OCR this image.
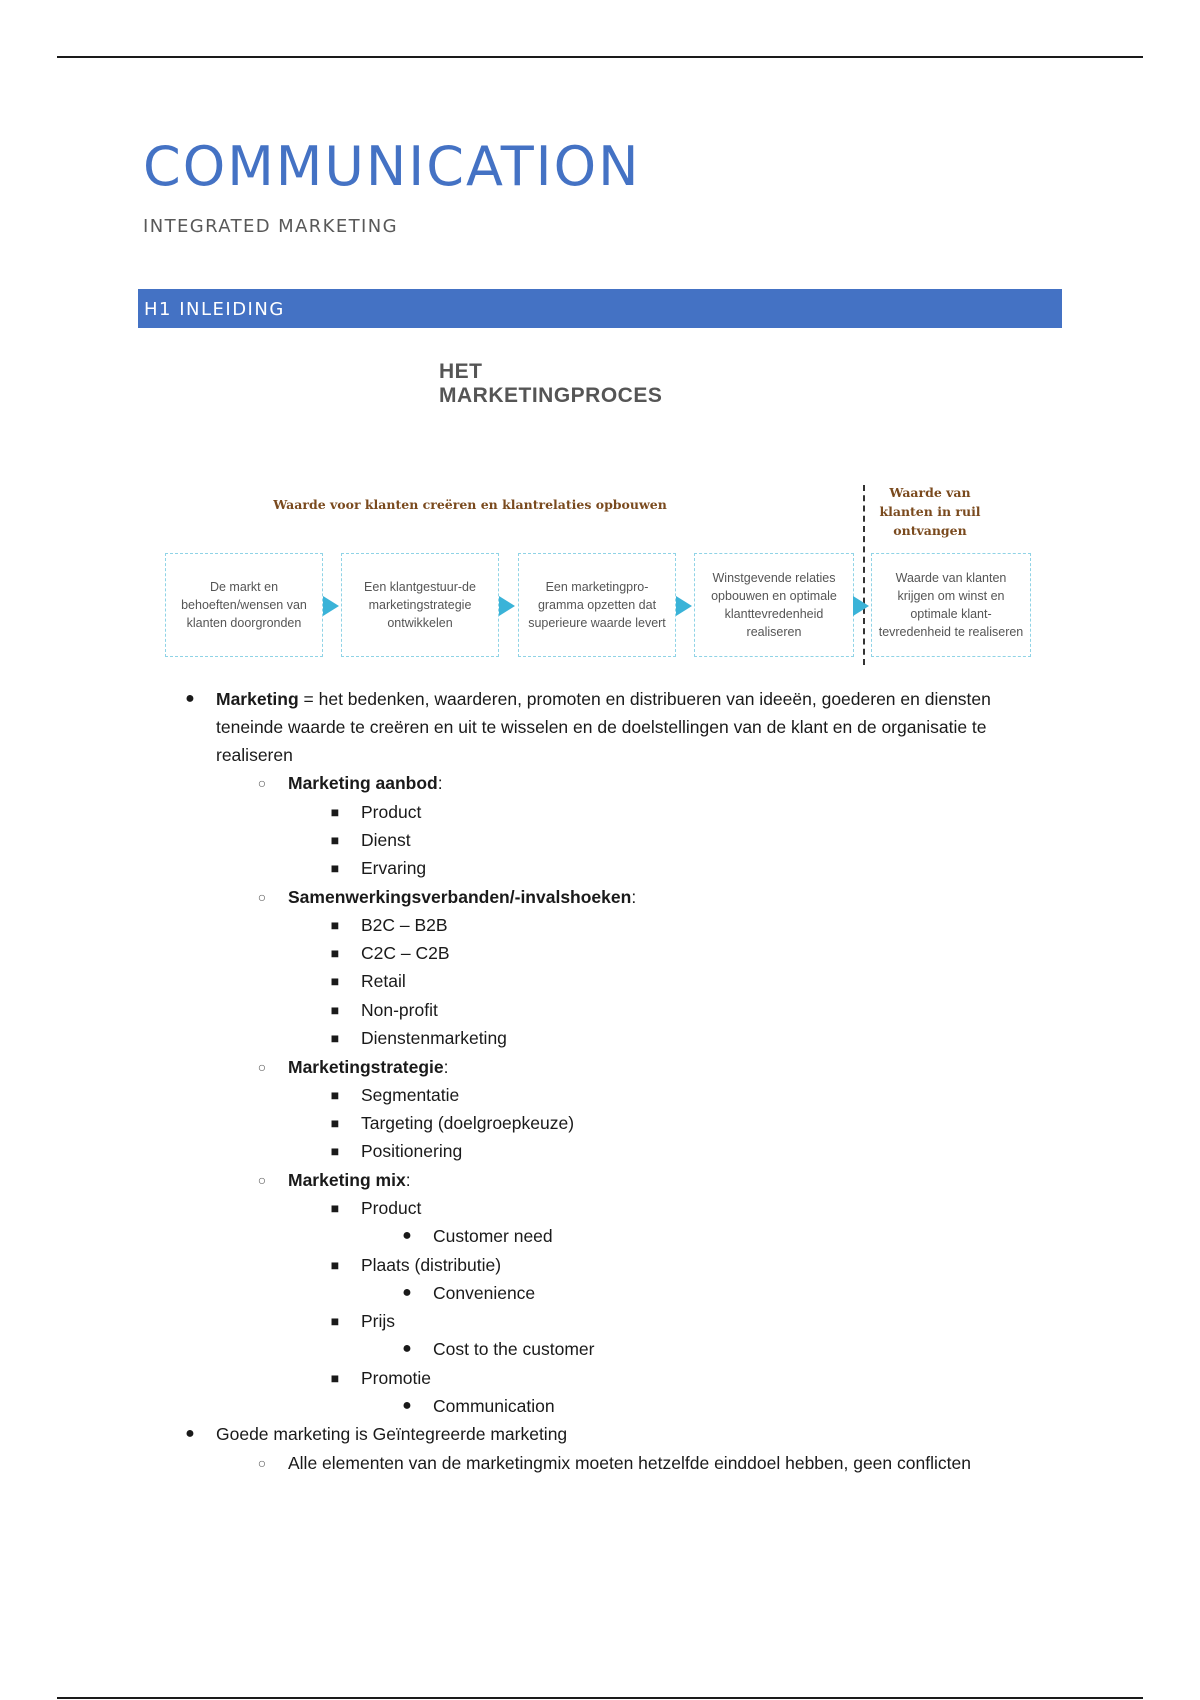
COMMUNICATION
INTEGRATED MARKETING
H1 INLEIDING
HET
MARKETINGPROCES
Waarde voor klanten creëren en klantrelaties opbouwen
Waarde van klanten in ruil ontvangen
De markt en behoeften/wensen van klanten doorgronden
Een klantgestuur-de marketingstrategie ontwikkelen
Een marketingpro-gramma opzetten dat superieure waarde levert
Winstgevende relaties opbouwen en optimale klanttevredenheid realiseren
Waarde van klanten krijgen om winst en optimale klant-tevredenheid te realiseren
● Marketing = het bedenken, waarderen, promoten en distribueren van ideeën, goederen en diensten teneinde waarde te creëren en uit te wisselen en de doelstellingen van de klant en de organisatie te realiseren
○	Marketing aanbod:
■	Product
■	Dienst
■	Ervaring
○	Samenwerkingsverbanden/-invalshoeken:
■	B2C – B2B
■	C2C – C2B
■	Retail
■	Non-profit
■	Dienstenmarketing
○	Marketingstrategie:
■	Segmentatie
■	Targeting (doelgroepkeuze)
■	Positionering
○	Marketing mix:
■	Product
● Customer need
■	Plaats (distributie)
● Convenience
■	Prijs
● Cost to the customer
■	Promotie
● Communication
● Goede marketing is Geïntegreerde marketing
○	Alle elementen van de marketingmix moeten hetzelfde einddoel hebben, geen conflicten
